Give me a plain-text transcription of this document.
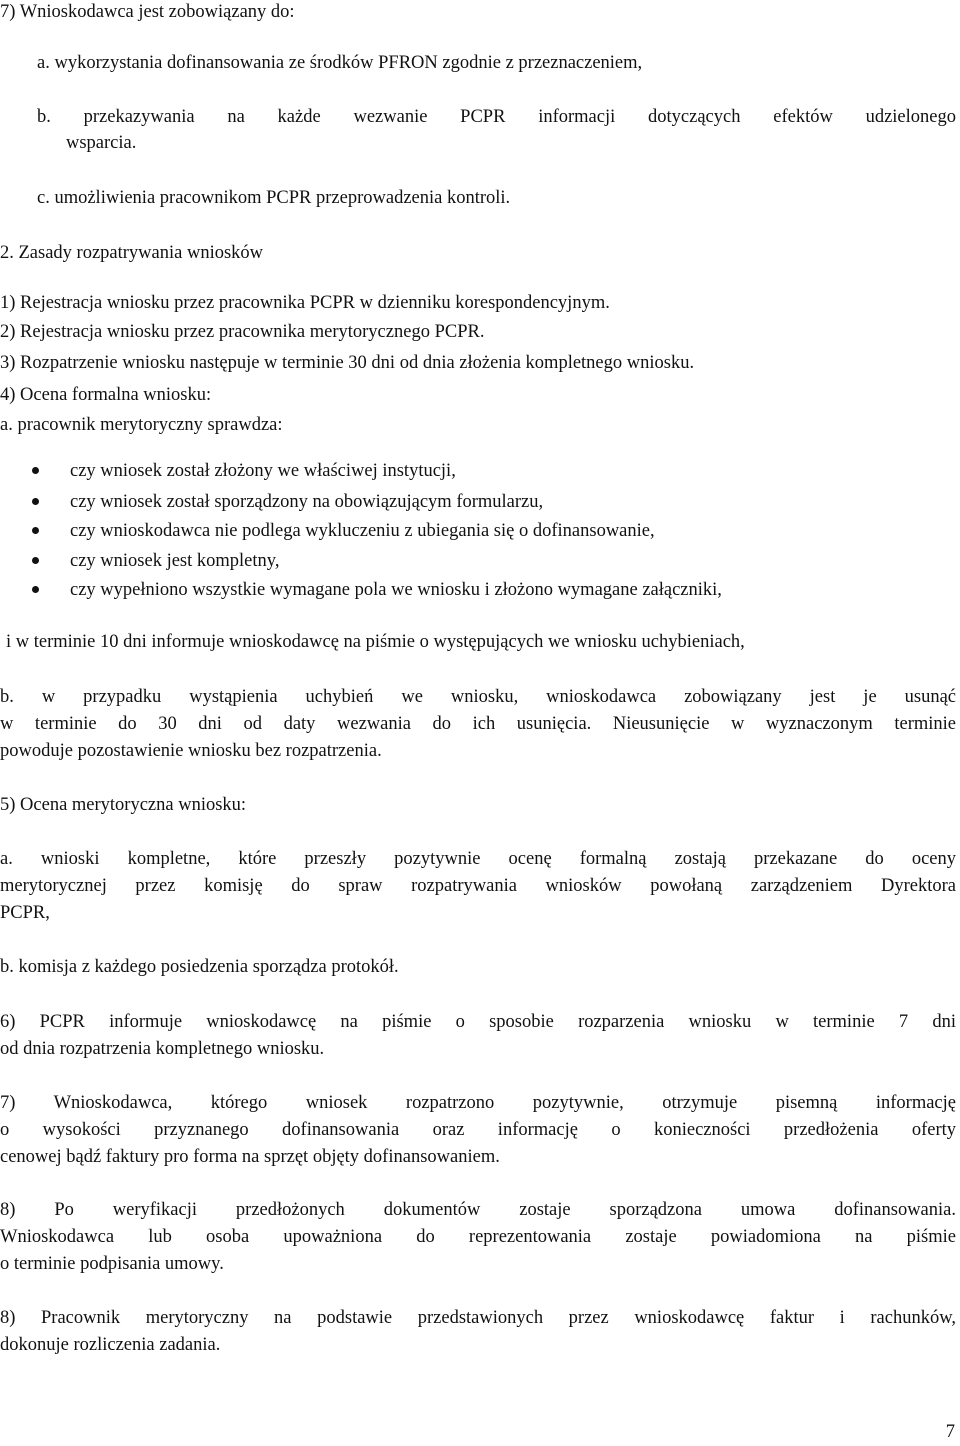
7) Wnioskodawca jest zobowiązany do:
a. wykorzystania dofinansowania ze środków PFRON zgodnie z przeznaczeniem,
b. przekazywania na każde wezwanie PCPR informacji dotyczących efektów udzielonego
wsparcia.
c. umożliwienia pracownikom PCPR przeprowadzenia kontroli.
2. Zasady rozpatrywania wniosków
1) Rejestracja wniosku przez pracownika PCPR w dzienniku korespondencyjnym.
2) Rejestracja wniosku przez pracownika merytorycznego PCPR.
3) Rozpatrzenie wniosku następuje w terminie 30 dni od dnia złożenia kompletnego wniosku.
4) Ocena formalna wniosku:
a. pracownik merytoryczny sprawdza:
czy wniosek został złożony we właściwej instytucji,
czy wniosek został sporządzony na obowiązującym formularzu,
czy wnioskodawca nie podlega wykluczeniu z ubiegania się o dofinansowanie,
czy wniosek jest kompletny,
czy wypełniono wszystkie wymagane pola we wniosku i złożono wymagane załączniki,
i w terminie 10 dni informuje wnioskodawcę na piśmie o występujących we wniosku uchybieniach,
b. w przypadku wystąpienia uchybień we wniosku, wnioskodawca zobowiązany jest je usunąć
w terminie do 30 dni od daty wezwania do ich usunięcia. Nieusunięcie w wyznaczonym terminie
powoduje pozostawienie wniosku bez rozpatrzenia.
5) Ocena merytoryczna wniosku:
a. wnioski kompletne, które przeszły pozytywnie ocenę formalną zostają przekazane do oceny
merytorycznej przez komisję do spraw rozpatrywania wniosków powołaną zarządzeniem Dyrektora
PCPR,
b. komisja z każdego posiedzenia sporządza protokół.
6) PCPR informuje wnioskodawcę na piśmie o sposobie rozparzenia wniosku w terminie 7 dni
od dnia rozpatrzenia kompletnego wniosku.
7) Wnioskodawca, którego wniosek rozpatrzono pozytywnie, otrzymuje pisemną informację
o wysokości przyznanego dofinansowania oraz informację o konieczności przedłożenia oferty
cenowej bądź faktury pro forma na sprzęt objęty dofinansowaniem.
8) Po weryfikacji przedłożonych dokumentów zostaje sporządzona umowa dofinansowania.
Wnioskodawca lub osoba upoważniona do reprezentowania zostaje powiadomiona na piśmie
o terminie podpisania umowy.
8) Pracownik merytoryczny na podstawie przedstawionych przez wnioskodawcę faktur i rachunków,
dokonuje rozliczenia zadania.
7
